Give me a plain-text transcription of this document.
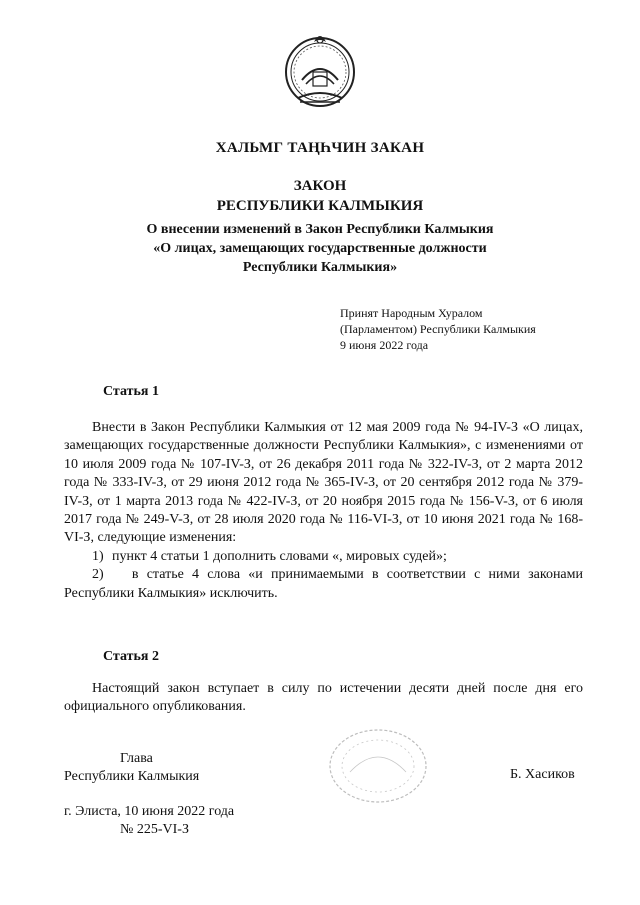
ХАЛЬМГ ТАҢҺЧИН ЗАКАН
ЗАКОН
РЕСПУБЛИКИ КАЛМЫКИЯ
О внесении изменений в Закон Республики Калмыкия
«О лицах, замещающих государственные должности
Республики Калмыкия»
Принят Народным Хуралом
(Парламентом) Республики Калмыкия
9 июня 2022 года
Статья 1
Внести в Закон Республики Калмыкия от 12 мая 2009 года № 94-IV-З «О лицах, замещающих государственные должности Республики Калмыкия», с изменениями от 10 июля 2009 года № 107-IV-З, от 26 декабря 2011 года № 322-IV-З, от 2 марта 2012 года № 333-IV-З, от 29 июня 2012 года № 365-IV-З, от 20 сентября 2012 года № 379-IV-З, от 1 марта 2013 года № 422-IV-З, от 20 ноября 2015 года № 156-V-З, от 6 июля 2017 года № 249-V-З, от 28 июля 2020 года № 116-VI-З, от 10 июня 2021 года № 168-VI-З, следующие изменения:
1) пункт 4 статьи 1 дополнить словами «, мировых судей»;
2) в статье 4 слова «и принимаемыми в соответствии с ними законами Республики Калмыкия» исключить.
Статья 2
Настоящий закон вступает в силу по истечении десяти дней после дня его официального опубликования.
Глава
Республики Калмыкия	Б. Хасиков
г. Элиста, 10 июня 2022 года
№ 225-VI-З
